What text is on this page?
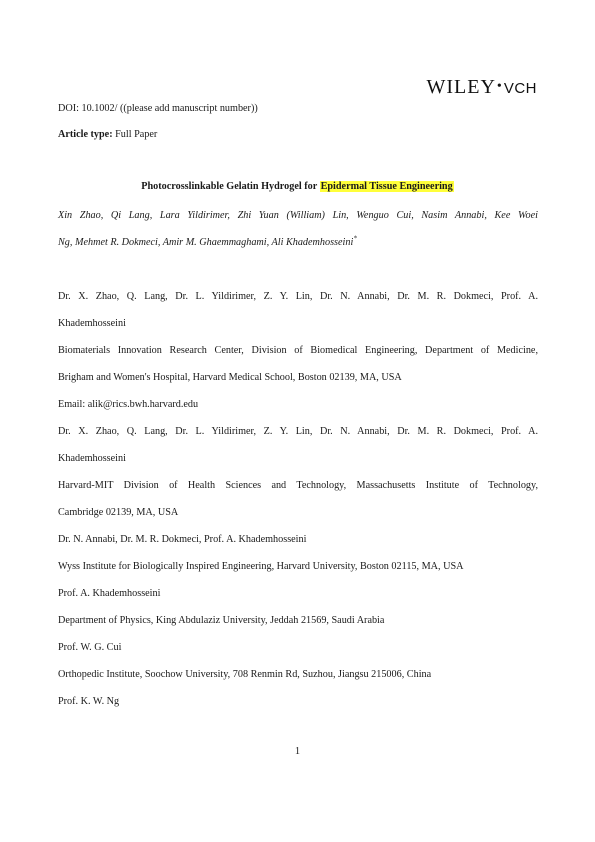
WILEY•VCH
DOI: 10.1002/ ((please add manuscript number))
Article type: Full Paper
Photocrosslinkable Gelatin Hydrogel for Epidermal Tissue Engineering
Xin Zhao, Qi Lang, Lara Yildirimer, Zhi Yuan (William) Lin, Wenguo Cui, Nasim Annabi, Kee Woei
Ng, Mehmet R. Dokmeci, Amir M. Ghaemmaghami, Ali Khademhosseini*
Dr. X. Zhao, Q. Lang, Dr. L. Yildirimer, Z. Y. Lin, Dr. N. Annabi, Dr. M. R. Dokmeci, Prof. A.
Khademhosseini
Biomaterials Innovation Research Center, Division of Biomedical Engineering, Department of Medicine,
Brigham and Women's Hospital, Harvard Medical School, Boston 02139, MA, USA
Email: alik@rics.bwh.harvard.edu
Dr. X. Zhao, Q. Lang, Dr. L. Yildirimer, Z. Y. Lin, Dr. N. Annabi, Dr. M. R. Dokmeci, Prof. A.
Khademhosseini
Harvard-MIT Division of Health Sciences and Technology, Massachusetts Institute of Technology,
Cambridge 02139, MA, USA
Dr. N. Annabi, Dr. M. R. Dokmeci, Prof. A. Khademhosseini
Wyss Institute for Biologically Inspired Engineering, Harvard University, Boston 02115, MA, USA
Prof. A. Khademhosseini
Department of Physics, King Abdulaziz University, Jeddah 21569, Saudi Arabia
Prof. W. G. Cui
Orthopedic Institute, Soochow University, 708 Renmin Rd, Suzhou, Jiangsu 215006, China
Prof. K. W. Ng
1
